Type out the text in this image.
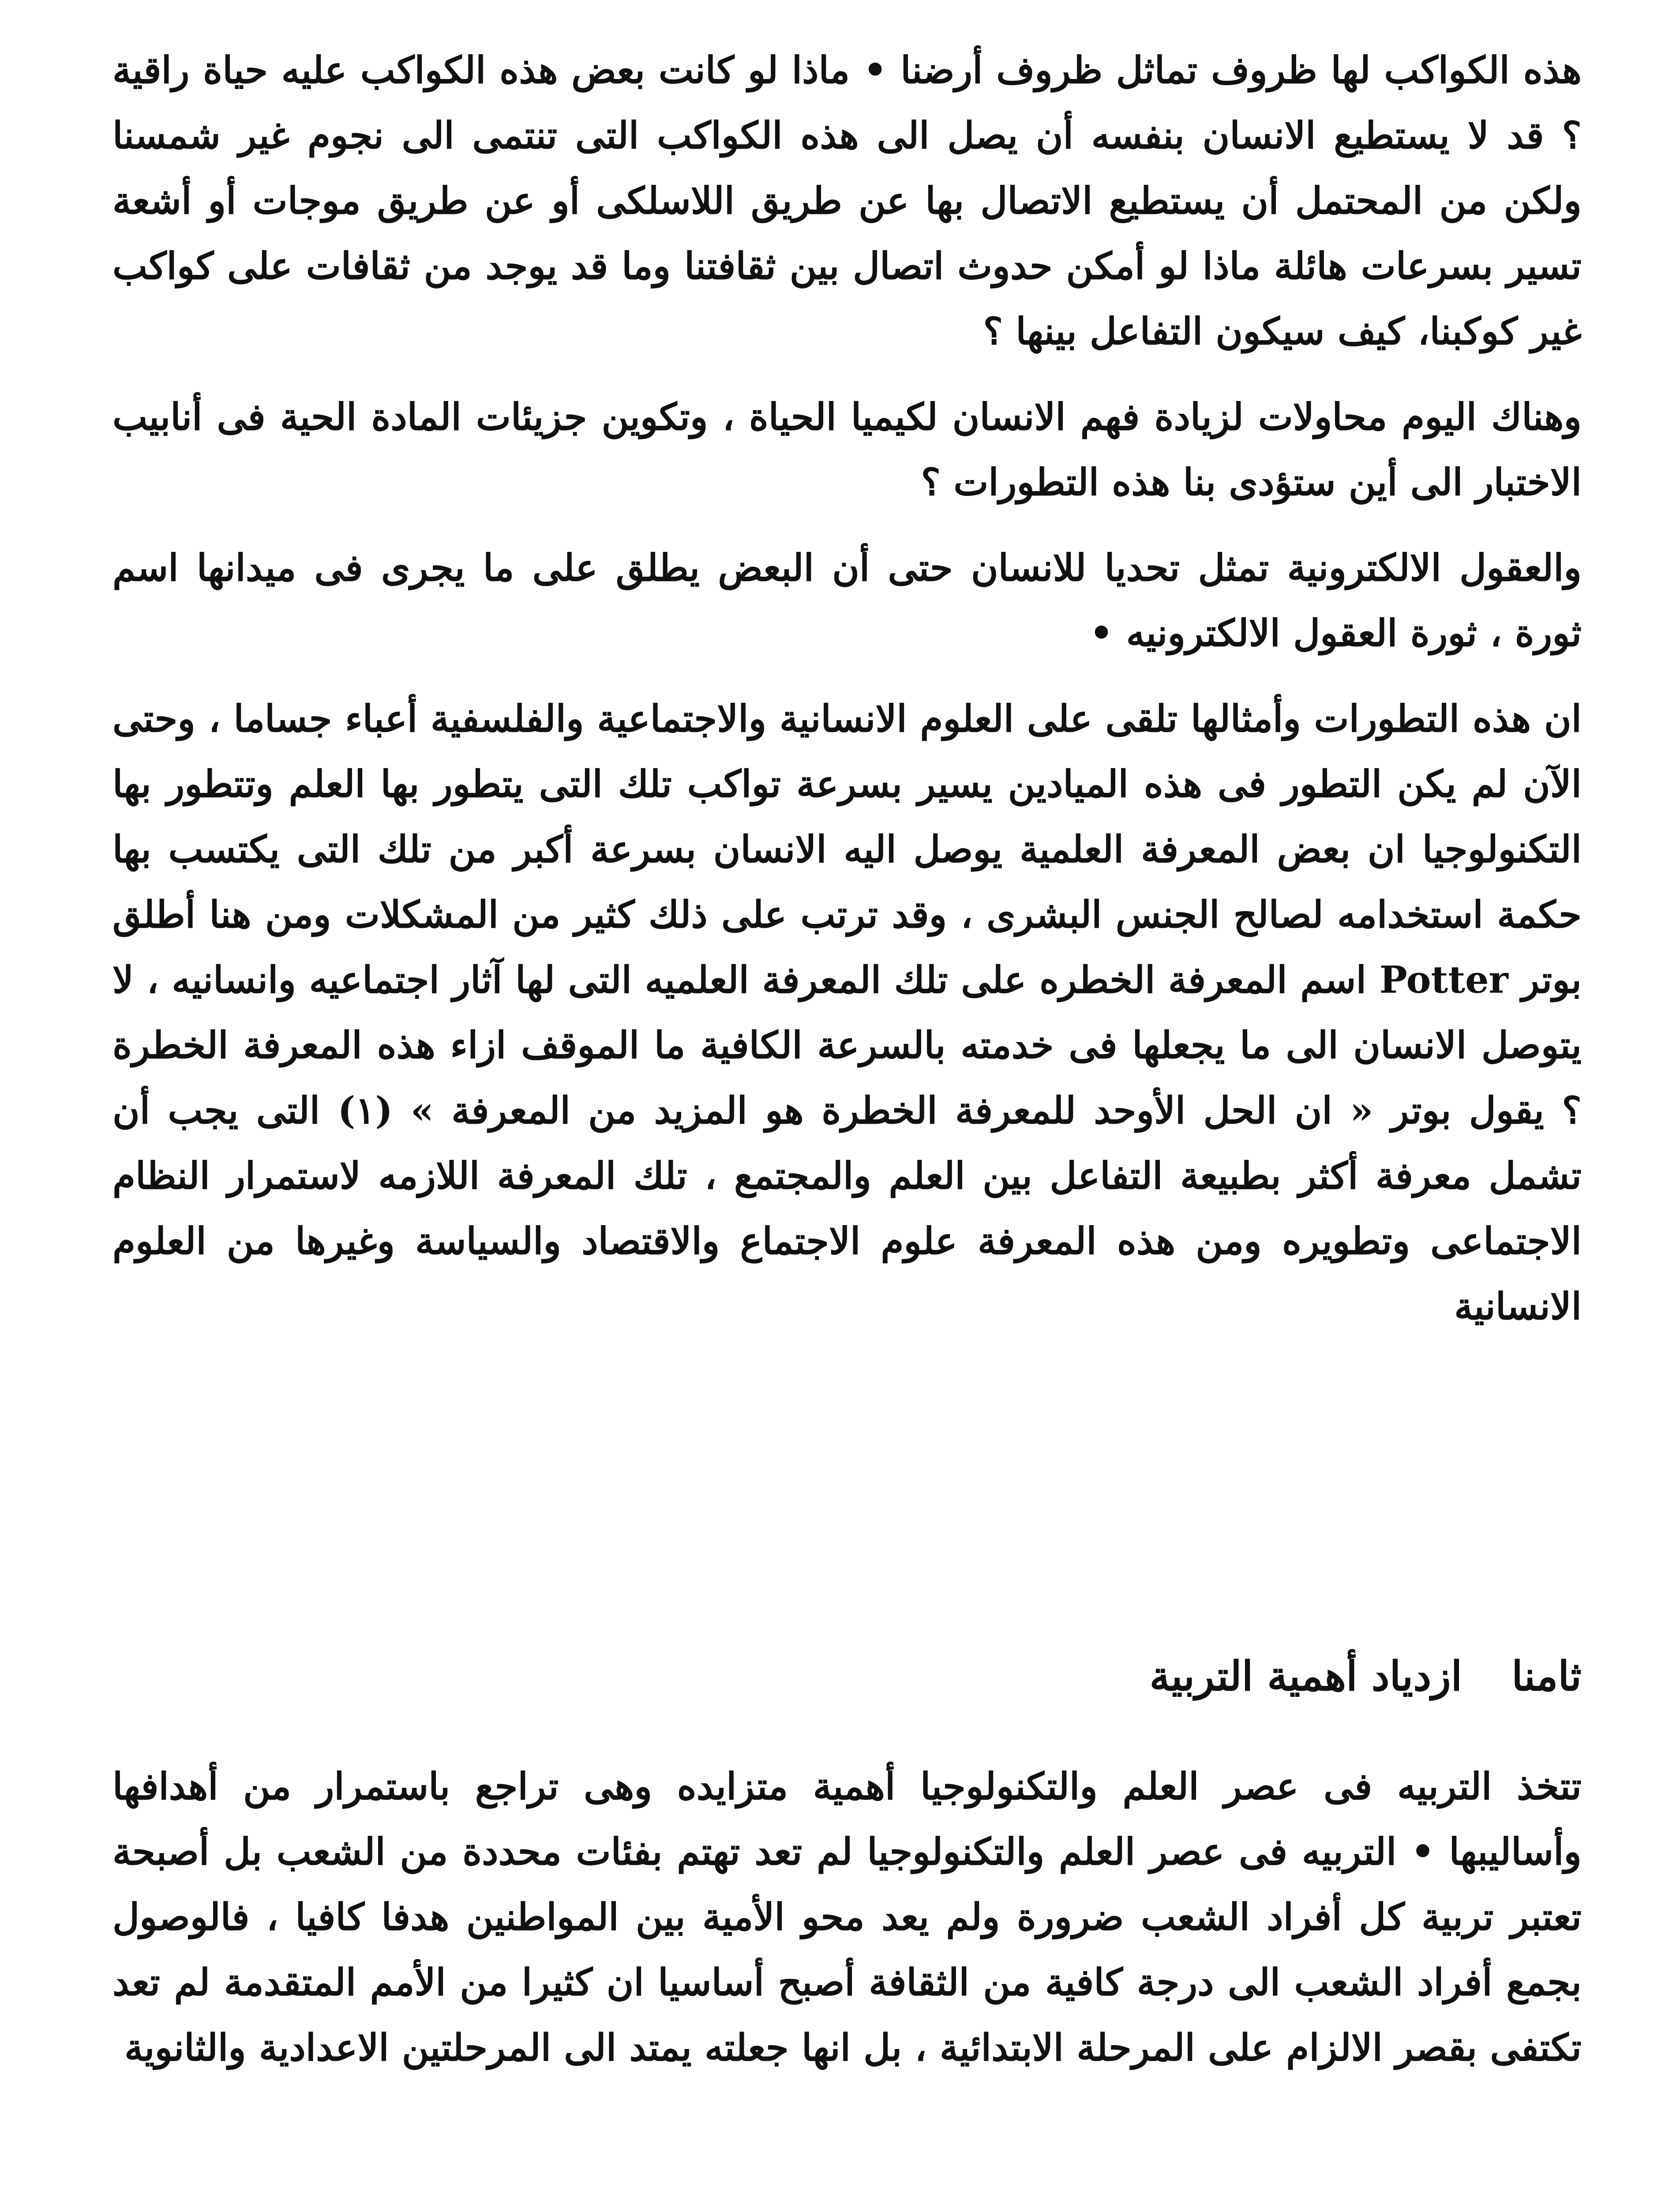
هذه الكواكب لها ظروف تماثل ظروف أرضنا • ماذا لو كانت بعض هذه الكواكب عليه حياة راقية ؟ قد لا يستطيع الانسان بنفسه أن يصل الى هذه الكواكب التى تنتمى الى نجوم غير شمسنا ولكن من المحتمل أن يستطيع الاتصال بها عن طريق اللاسلكى أو عن طريق موجات أو أشعة تسير بسرعات هائلة ماذا لو أمكن حدوث اتصال بين ثقافتنا وما قد يوجد من ثقافات على كواكب غير كوكبنا، كيف سيكون التفاعل بينها ؟

وهناك اليوم محاولات لزيادة فهم الانسان لكيميا الحياة ، وتكوين جزيئات المادة الحية فى أنابيب الاختبار الى أين ستؤدى بنا هذه التطورات ؟

والعقول الالكترونية تمثل تحديا للانسان حتى أن البعض يطلق على ما يجرى فى ميدانها اسم ثورة ، ثورة العقول الالكترونيه •

ان هذه التطورات وأمثالها تلقى على العلوم الانسانية والاجتماعية والفلسفية أعباء جساما ، وحتى الآن لم يكن التطور فى هذه الميادين يسير بسرعة تواكب تلك التى يتطور بها العلم وتتطور بها التكنولوجيا ان بعض المعرفة العلمية يوصل اليه الانسان بسرعة أكبر من تلك التى يكتسب بها حكمة استخدامه لصالح الجنس البشرى ، وقد ترتب على ذلك كثير من المشكلات ومن هنا أطلق بوتر Potter اسم المعرفة الخطره على تلك المعرفة العلميه التى لها آثار اجتماعيه وانسانيه ، لا يتوصل الانسان الى ما يجعلها فى خدمته بالسرعة الكافية ما الموقف ازاء هذه المعرفة الخطرة ؟ يقول بوتر « ان الحل الأوحد للمعرفة الخطرة هو المزيد من المعرفة » (١) التى يجب أن تشمل معرفة أكثر بطبيعة التفاعل بين العلم والمجتمع ، تلك المعرفة اللازمه لاستمرار النظام الاجتماعى وتطويره ومن هذه المعرفة علوم الاجتماع والاقتصاد والسياسة وغيرها من العلوم الانسانية

ثامنا ازدياد أهمية التربية

تتخذ التربيه فى عصر العلم والتكنولوجيا أهمية متزايده وهى تراجع باستمرار من أهدافها وأساليبها • التربيه فى عصر العلم والتكنولوجيا لم تعد تهتم بفئات محددة من الشعب بل أصبحة تعتبر تربية كل أفراد الشعب ضرورة ولم يعد محو الأمية بين المواطنين هدفا كافيا ، فالوصول بجمع أفراد الشعب الى درجة كافية من الثقافة أصبح أساسيا ان كثيرا من الأمم المتقدمة لم تعد تكتفى بقصر الالزام على المرحلة الابتدائية ، بل انها جعلته يمتد الى المرحلتين الاعدادية والثانوية
